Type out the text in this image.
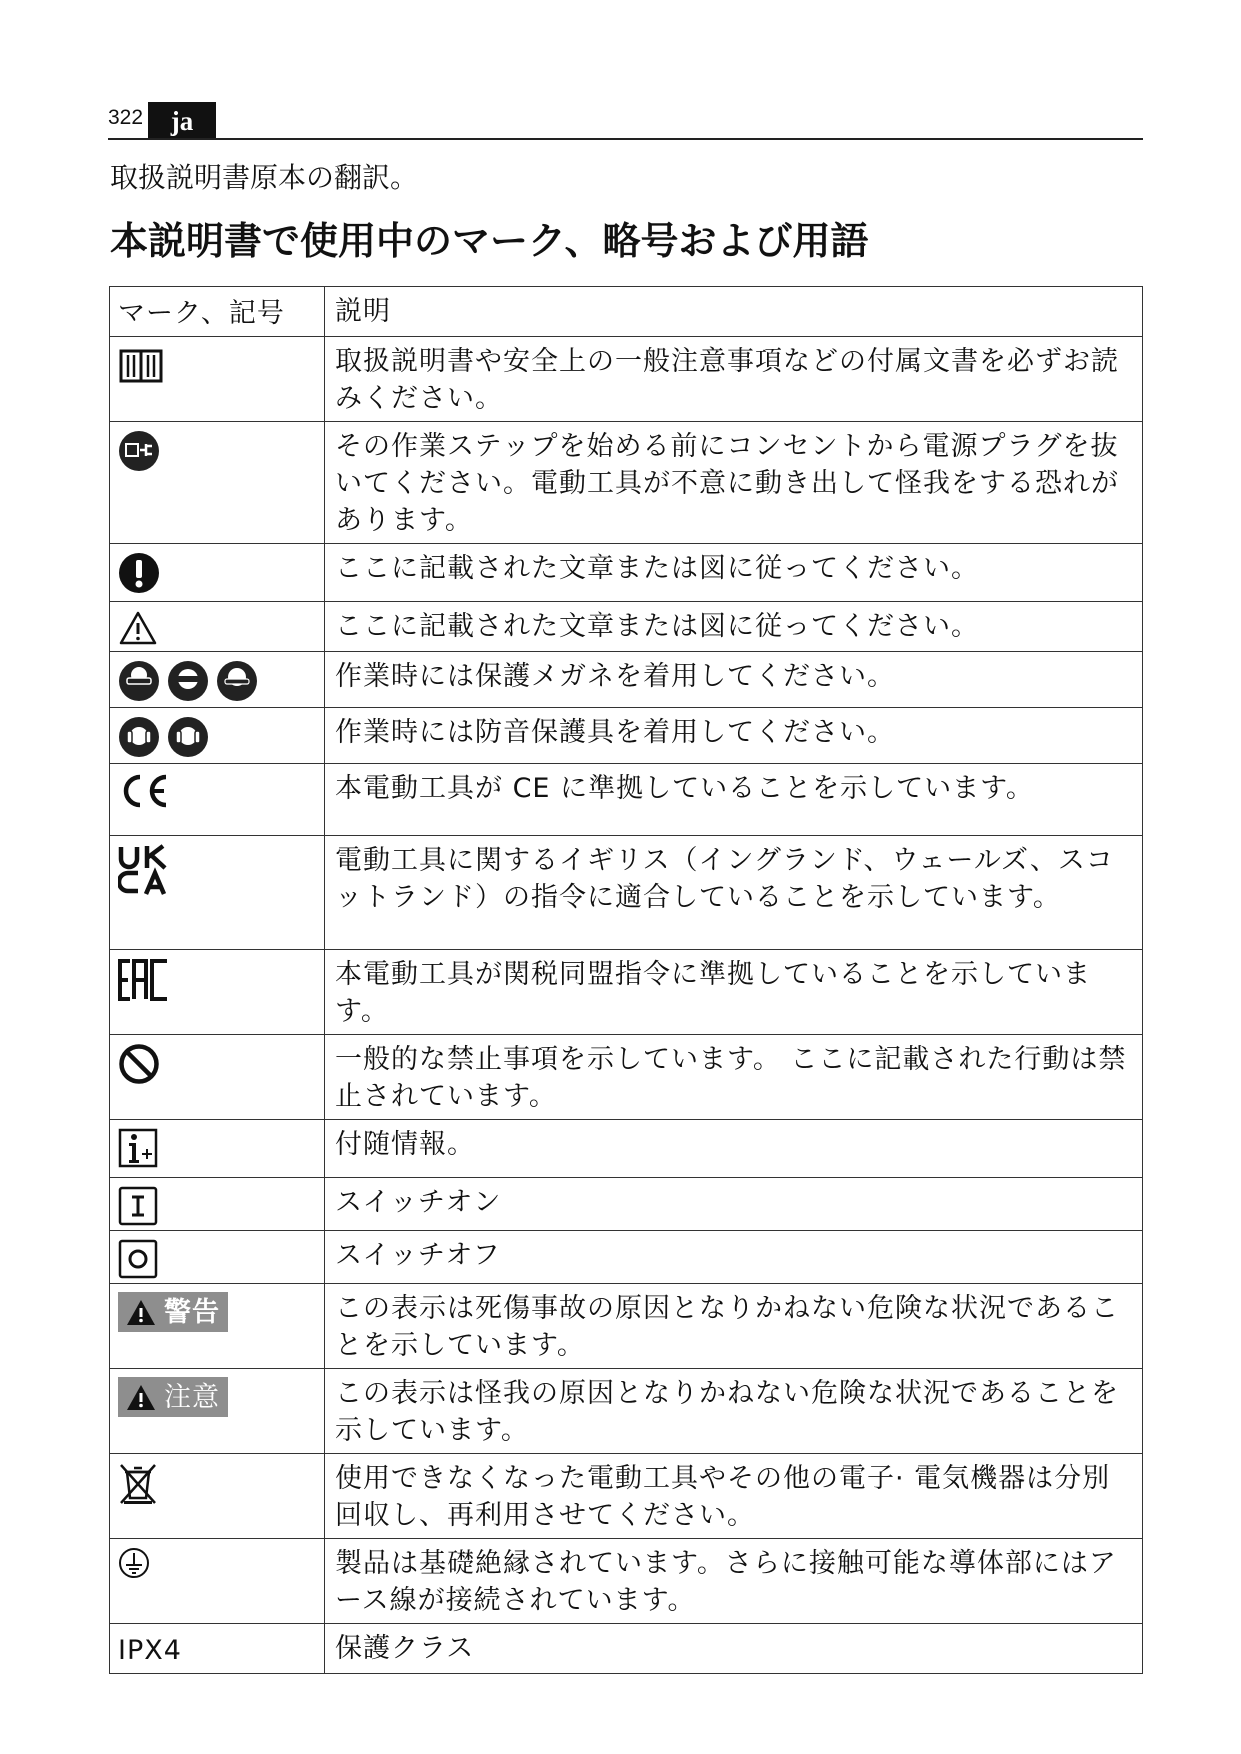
322	ja
取扱説明書原本の翻訳。
本説明書で使用中のマーク、略号および用語
マーク、記号	説明

	取扱説明書や安全上の一般注意事項などの付属文書を必ずお読みください。

	その作業ステップを始める前にコンセントから電源プラグを抜いてください。電動工具が不意に動き出して怪我をする恐れがあります。

	ここに記載された文章または図に従ってください。

	ここに記載された文章または図に従ってください。

	作業時には保護メガネを着用してください。

	作業時には防音保護具を着用してください。

	本電動工具が CE に準拠していることを示しています。

	電動工具に関するイギリス（イングランド、ウェールズ、スコットランド）の指令に適合していることを示しています。

	本電動工具が関税同盟指令に準拠していることを示しています。

	一般的な禁止事項を示しています。 ここに記載された行動は禁止されています。

	付随情報。

	スイッチオン

	スイッチオフ

警告	この表示は死傷事故の原因となりかねない危険な状況であることを示しています。

注意	この表示は怪我の原因となりかねない危険な状況であることを示しています。

	使用できなくなった電動工具やその他の電子· 電気機器は分別回収し、再利用させてください。

	製品は基礎絶縁されています。さらに接触可能な導体部にはアース線が接続されています。
IPX4	保護クラス
